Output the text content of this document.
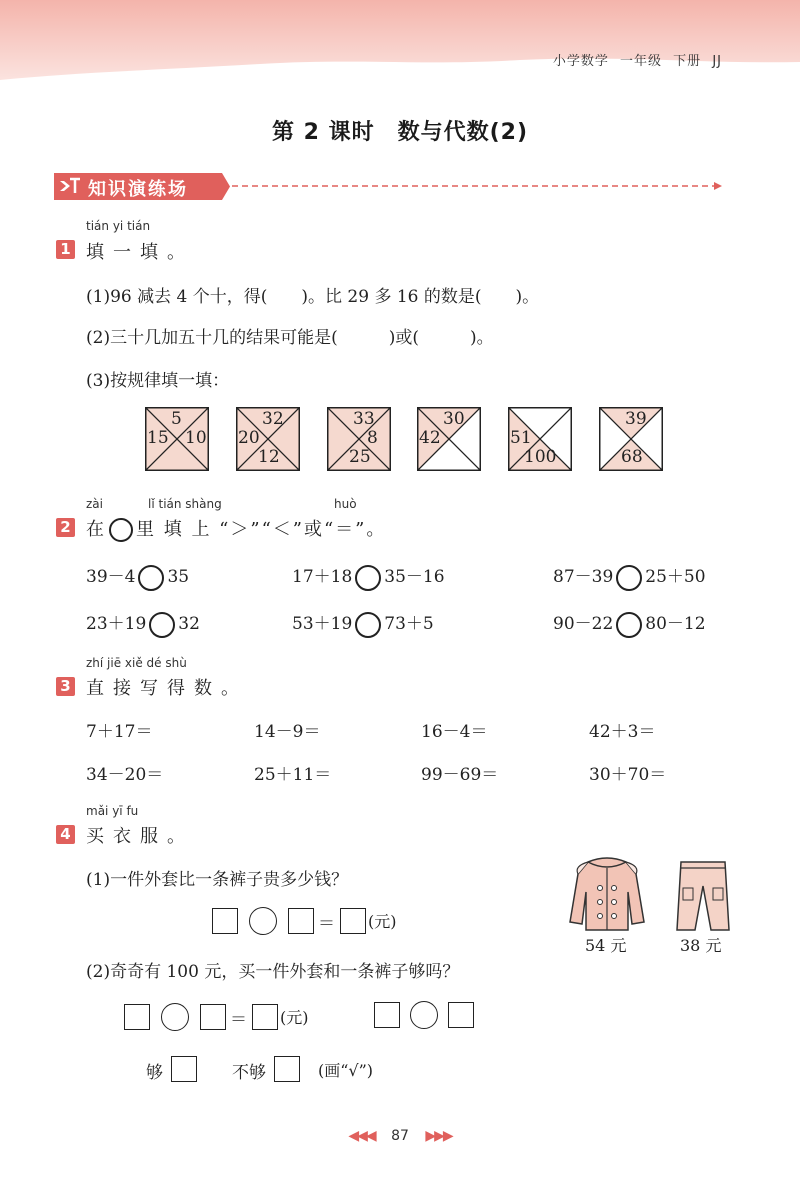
小学数学 一年级 下册 JJ
第 2 课时　数与代数(2)
知识演练场
tián yi tián
1 填一填。
(1)96 减去 4 个十，得(　　)。比 29 多 16 的数是(　　)。
(2)三十几加五十几的结果可能是(　　　)或(　　　)。
(3)按规律填一填：
5
10
15
32
12
20
33
8
25
30
42
100
51
39
68
zài	lǐ tián shàng	huò
2 在 里 填 上 “＞”“＜”或“＝”。
39－4 35	17＋18 35－16	87－39 25＋50
23＋19 32	53＋19 73＋5	90－22 80－12
zhí jiē xiě dé shù
3 直接写得数。
7＋17＝	14－9＝	16－4＝	42＋3＝
34－20＝	25＋11＝	99－69＝	30＋70＝
mǎi yī fu
4 买衣服。
(1)一件外套比一条裤子贵多少钱？
＝ (元)
54 元	38 元
(2)奇奇有 100 元，买一件外套和一条裤子够吗？
＝ (元)
够	不够	(画“√”)
◀◀◀ 87 ▶▶▶
